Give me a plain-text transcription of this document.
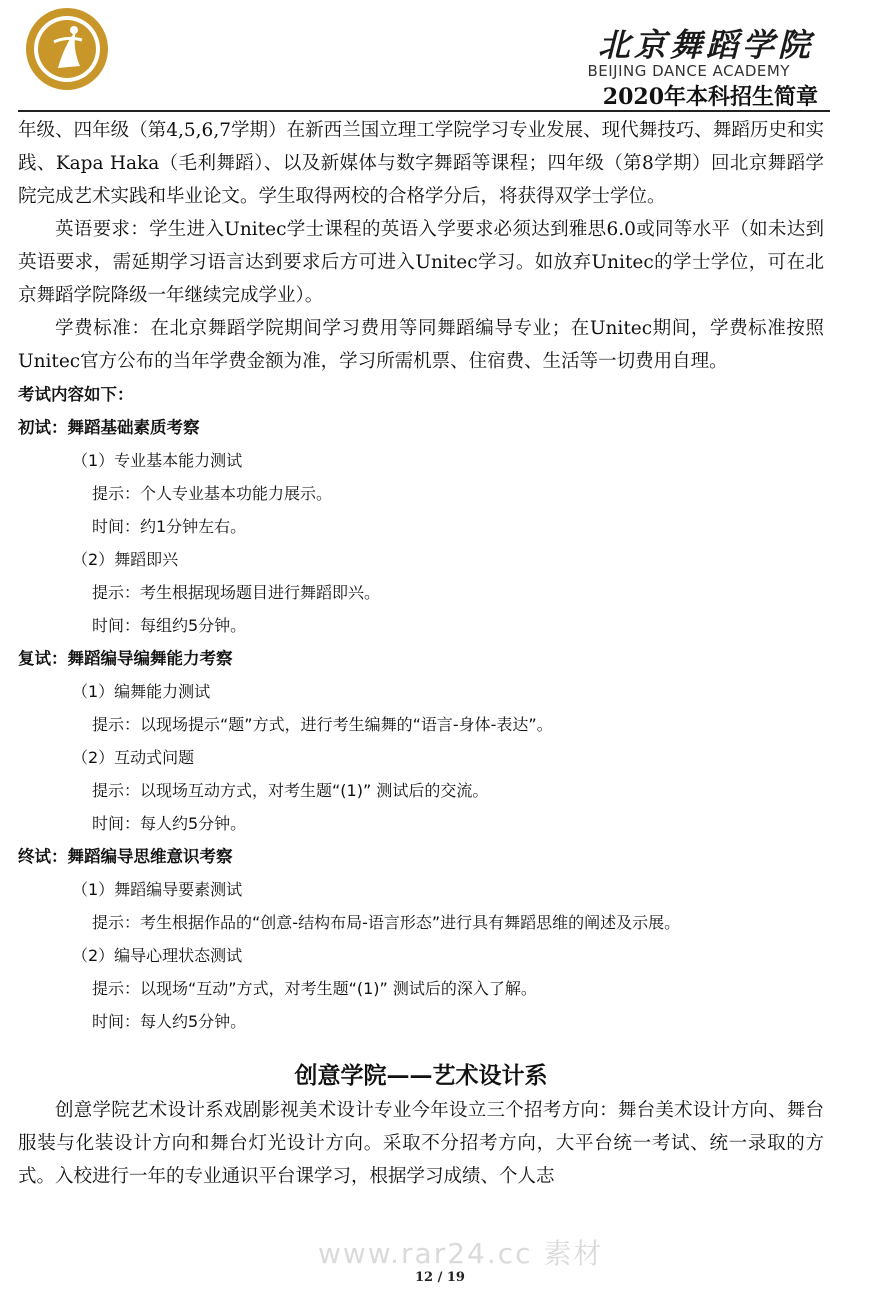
北京舞蹈学院
BEIJING DANCE ACADEMY
2020年本科招生简章

年级、四年级（第4,5,6,7学期）在新西兰国立理工学院学习专业发展、现代舞技巧、舞蹈历史和实践、Kapa Haka（毛利舞蹈）、以及新媒体与数字舞蹈等课程；四年级（第8学期）回北京舞蹈学院完成艺术实践和毕业论文。学生取得两校的合格学分后，将获得双学士学位。

英语要求：学生进入Unitec学士课程的英语入学要求必须达到雅思6.0或同等水平（如未达到英语要求，需延期学习语言达到要求后方可进入Unitec学习。如放弃Unitec的学士学位，可在北京舞蹈学院降级一年继续完成学业）。

学费标准：在北京舞蹈学院期间学习费用等同舞蹈编导专业；在Unitec期间，学费标准按照Unitec官方公布的当年学费金额为准，学习所需机票、住宿费、生活等一切费用自理。

考试内容如下：

初试：舞蹈基础素质考察

（1）专业基本能力测试

提示：个人专业基本功能力展示。

时间：约1分钟左右。

（2）舞蹈即兴

提示：考生根据现场题目进行舞蹈即兴。

时间：每组约5分钟。

复试：舞蹈编导编舞能力考察

（1）编舞能力测试

提示：以现场提示“题”方式，进行考生编舞的“语言-身体-表达”。

（2）互动式问题

提示：以现场互动方式，对考生题“(1)” 测试后的交流。

时间：每人约5分钟。

终试：舞蹈编导思维意识考察

（1）舞蹈编导要素测试

提示：考生根据作品的“创意-结构布局-语言形态”进行具有舞蹈思维的阐述及示展。

（2）编导心理状态测试

提示：以现场“互动”方式，对考生题“(1)” 测试后的深入了解。

时间：每人约5分钟。

创意学院——艺术设计系

创意学院艺术设计系戏剧影视美术设计专业今年设立三个招考方向：舞台美术设计方向、舞台服装与化装设计方向和舞台灯光设计方向。采取不分招考方向，大平台统一考试、统一录取的方式。入校进行一年的专业通识平台课学习，根据学习成绩、个人志

www.rar24.cc 素材
12 / 19
